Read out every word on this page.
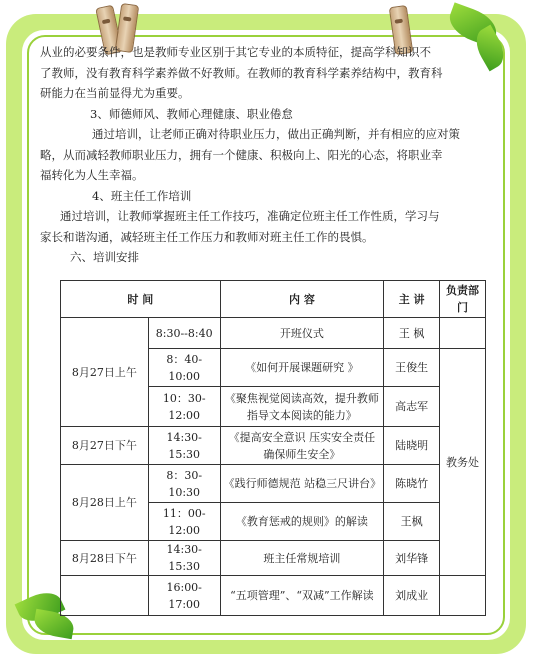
从业的必要条件，也是教师专业区别于其它专业的本质特征，提高学科知识不

了教师，没有教育科学素养做不好教师。在教师的教育科学素养结构中，教育科

研能力在当前显得尤为重要。

3、师德师风、教师心理健康、职业倦怠

通过培训，让老师正确对待职业压力，做出正确判断，并有相应的应对策

略，从而减轻教师职业压力，拥有一个健康、积极向上、阳光的心态，将职业幸

福转化为人生幸福。

4、班主任工作培训

通过培训，让教师掌握班主任工作技巧，准确定位班主任工作性质，学习与

家长和谐沟通，减轻班主任工作压力和教师对班主任工作的畏惧。

六、培训安排

时 间		内 容	主 讲	负责部门
8月27日上午	8:30--8:40	开班仪式	王 枫	
	8：40-10:00	《如何开展课题研究 》	王俊生	教务处
	10：30-12:00	《聚焦视觉阅读高效，提升教师指导文本阅读的能力》	高志军	
8月27日下午	14:30-15:30	《提高安全意识 压实安全责任确保师生安全》	陆晓明	
8月28日上午	8：30-10:30	《践行师德规范 站稳三尺讲台》	陈晓竹	
	11：00-12:00	《教育惩戒的规则》的解读	王枫	
8月28日下午	14:30-15:30	班主任常规培训	刘华锋	
	16:00-17:00	“五项管理”、“双减”工作解读	刘成业	
